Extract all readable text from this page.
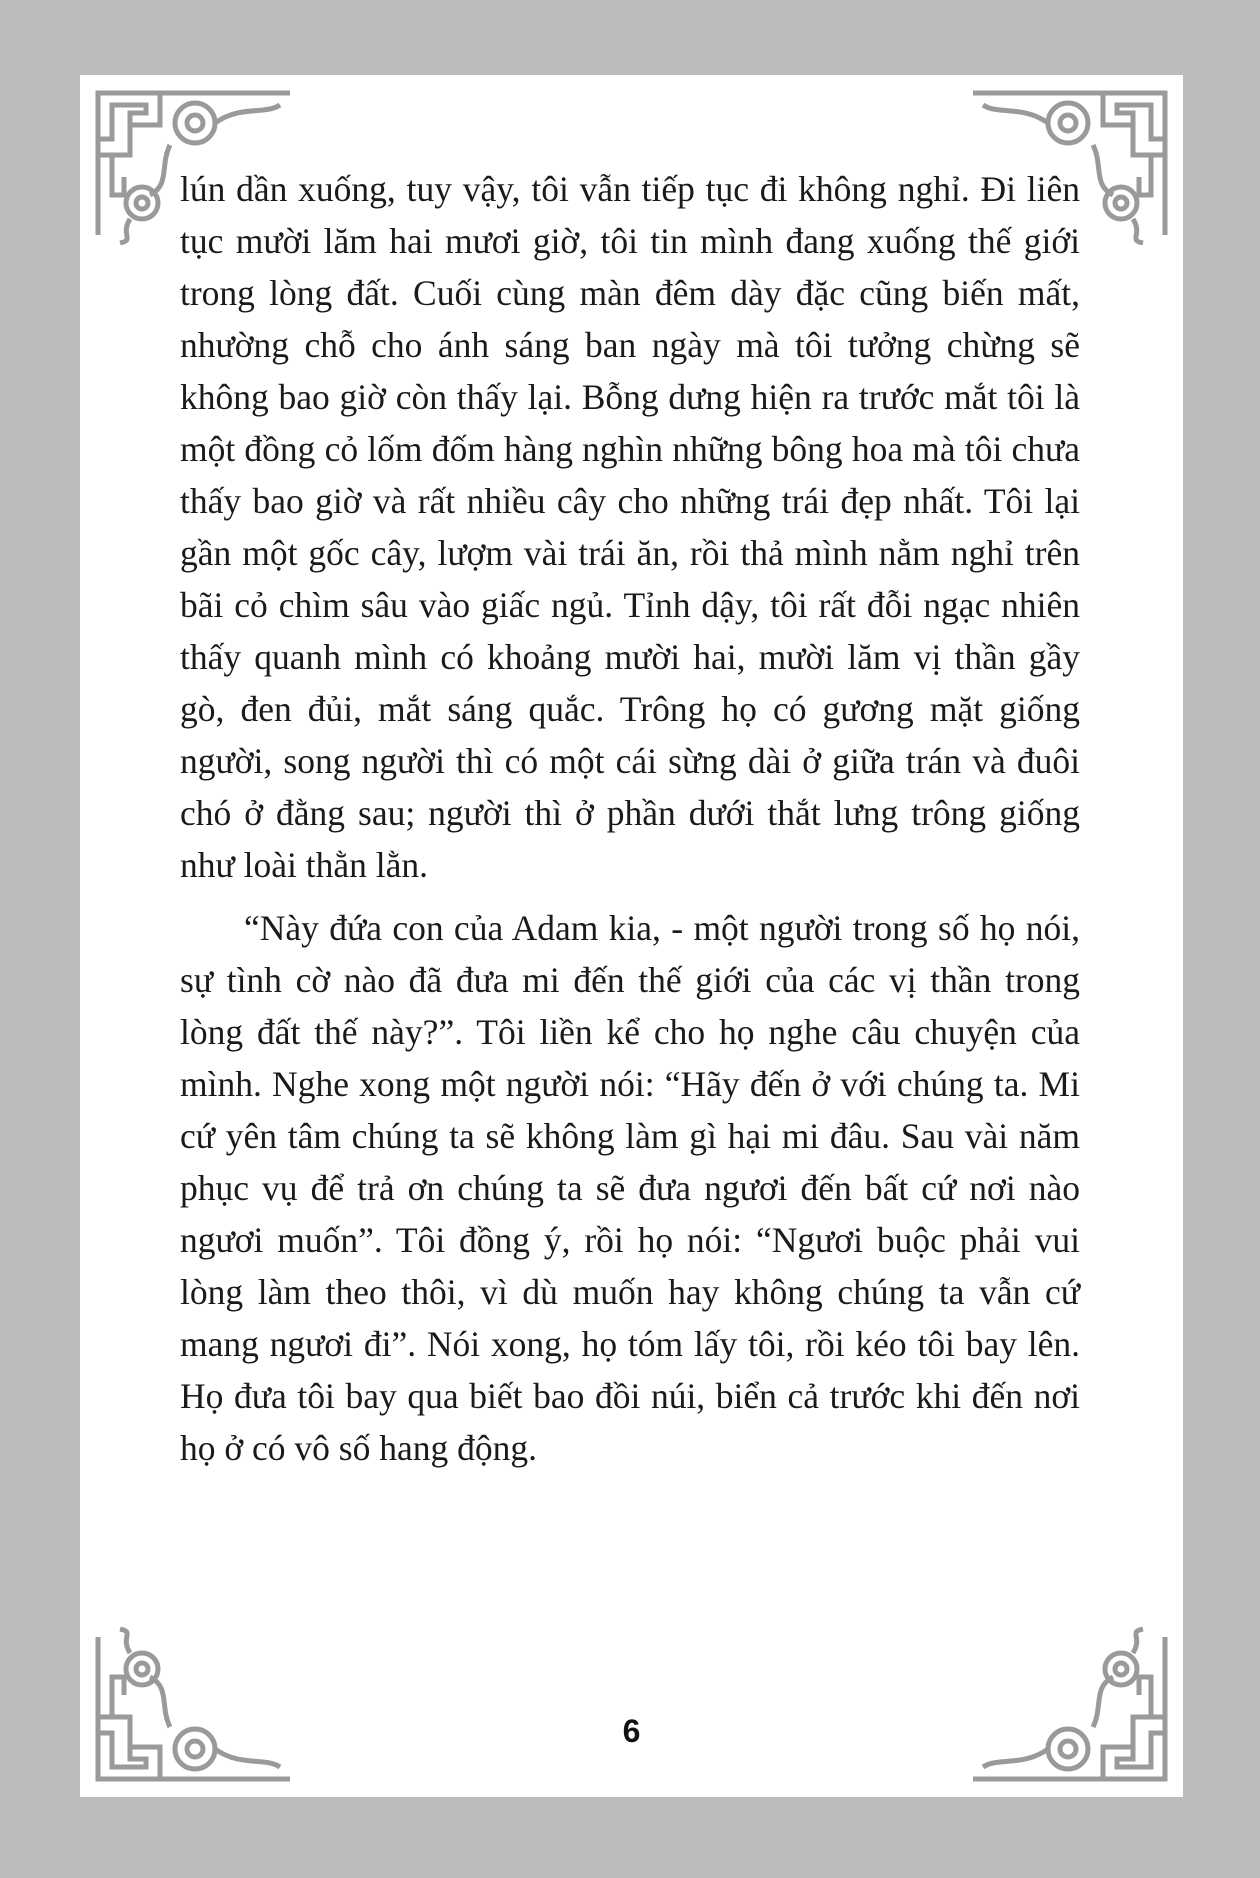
lún dần xuống, tuy vậy, tôi vẫn tiếp tục đi không nghỉ. Đi liên tục mười lăm hai mươi giờ, tôi tin mình đang xuống thế giới trong lòng đất. Cuối cùng màn đêm dày đặc cũng biến mất, nhường chỗ cho ánh sáng ban ngày mà tôi tưởng chừng sẽ không bao giờ còn thấy lại. Bỗng dưng hiện ra trước mắt tôi là một đồng cỏ lốm đốm hàng nghìn những bông hoa mà tôi chưa thấy bao giờ và rất nhiều cây cho những trái đẹp nhất. Tôi lại gần một gốc cây, lượm vài trái ăn, rồi thả mình nằm nghỉ trên bãi cỏ chìm sâu vào giấc ngủ. Tỉnh dậy, tôi rất đỗi ngạc nhiên thấy quanh mình có khoảng mười hai, mười lăm vị thần gầy gò, đen đủi, mắt sáng quắc. Trông họ có gương mặt giống người, song người thì có một cái sừng dài ở giữa trán và đuôi chó ở đằng sau; người thì ở phần dưới thắt lưng trông giống như loài thằn lằn.

“Này đứa con của Adam kia, - một người trong số họ nói, sự tình cờ nào đã đưa mi đến thế giới của các vị thần trong lòng đất thế này?”. Tôi liền kể cho họ nghe câu chuyện của mình. Nghe xong một người nói: “Hãy đến ở với chúng ta. Mi cứ yên tâm chúng ta sẽ không làm gì hại mi đâu. Sau vài năm phục vụ để trả ơn chúng ta sẽ đưa ngươi đến bất cứ nơi nào ngươi muốn”. Tôi đồng ý, rồi họ nói: “Ngươi buộc phải vui lòng làm theo thôi, vì dù muốn hay không chúng ta vẫn cứ mang ngươi đi”. Nói xong, họ tóm lấy tôi, rồi kéo tôi bay lên. Họ đưa tôi bay qua biết bao đồi núi, biển cả trước khi đến nơi họ ở có vô số hang động.

6
